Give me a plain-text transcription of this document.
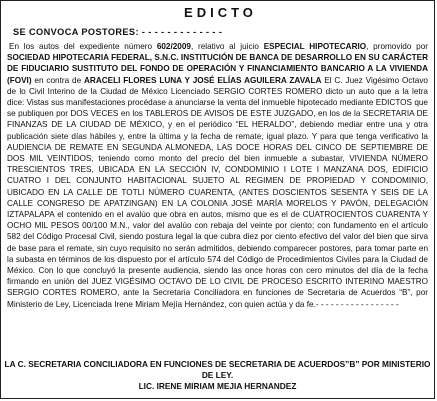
EDICTO
SE CONVOCA POSTORES: - - - - - - - - - - - - -
En los autos del expediente número 602/2009, relativo al juicio ESPECIAL HIPOTECARIO, promovido por SOCIEDAD HIPOTECARIA FEDERAL, S.N.C. INSTITUCIÓN DE BANCA DE DESARROLLO EN SU CARÁCTER DE FIDUCIARIO SUSTITUTO DEL FONDO DE OPERACIÓN Y FINANCIAMIENTO BANCARIO A LA VIVIENDA (FOVI) en contra de ARACELI FLORES LUNA Y JOSÉ ELÍAS AGUILERA ZAVALA El C. Juez Vigésimo Octavo de lo Civil Interino de la Ciudad de México Licenciado SERGIO CORTES ROMERO dicto un auto que a la letra dice: Vistas sus manifestaciones procédase a anunciarse la venta del inmueble hipotecado mediante EDICTOS que se publiquen por DOS VECES en los TABLEROS DE AVISOS DE ESTE JUZGADO, en los de la SECRETARIA DE FINANZAS DE LA CIUDAD DE MÉXICO, y en el periódico “EL HERALDO”, debiendo mediar entre una y otra publicación siete días hábiles y, entre la última y la fecha de remate, igual plazo. Y para que tenga verificativo la AUDIENCIA DE REMATE EN SEGUNDA ALMONEDA, LAS DOCE HORAS DEL CINCO DE SEPTIEMBRE DE DOS MIL VEINTIDOS, teniendo como monto del precio del bien inmueble a subastar, VIVIENDA NÚMERO TRESCIENTOS TRES, UBICADA EN LA SECCIÓN IV, CONDOMINIO I LOTE I MANZANA DOS, EDIFICIO CUATRO I DEL CONJUNTO HABITACIONAL SUJETO AL REGIMEN DE PROPIEDAD Y CONDOMINIO, UBICADO EN LA CALLE DE TOTLI NÚMERO CUARENTA, (ANTES DOSCIENTOS SESENTA Y SEIS DE LA CALLE CONGRESO DE APATZINGAN) EN LA COLONIA JOSÉ MARÍA MORELOS Y PAVÓN, DELEGACIÓN IZTAPALAPA el contenido en el avalúo que obra en autos, mismo que es el de CUATROCIENTOS CUARENTA Y OCHO MIL PESOS 00/100 M.N., valor del avalúo con rebaja del veinte por ciento; con fundamento en el artículo 582 del Código Procesal Civil, siendo postura legal la que cubra diez por ciento efectivo del valor del bien que sirva de base para el remate, sin cuyo requisito no serán admitidos, debiendo comparecer postores, para tomar parte en la subasta en términos de los dispuesto por el artículo 574 del Código de Procedimientos Civiles para la Ciudad de México. Con lo que concluyó la presente audiencia, siendo las once horas con cero minutos del día de la fecha firmando en unión del JUEZ VIGÉSIMO OCTAVO DE LO CIVIL DE PROCESO ESCRITO INTERINO MAESTRO SERGIO CORTES ROMERO, ante la Secretaria Conciliadora en funciones de Secretaria de Acuerdos “B”, por Ministerio de Ley, Licenciada Irene Miriam Mejía Hernández, con quien actúa y da fe.- - - - - - - - - - - - - - - - -
LA C. SECRETARIA CONCILIADORA EN FUNCIONES DE SECRETARIA DE ACUERDOS”B” POR MINISTERIO DE LEY.
LIC. IRENE MIRIAM MEJIA HERNANDEZ
